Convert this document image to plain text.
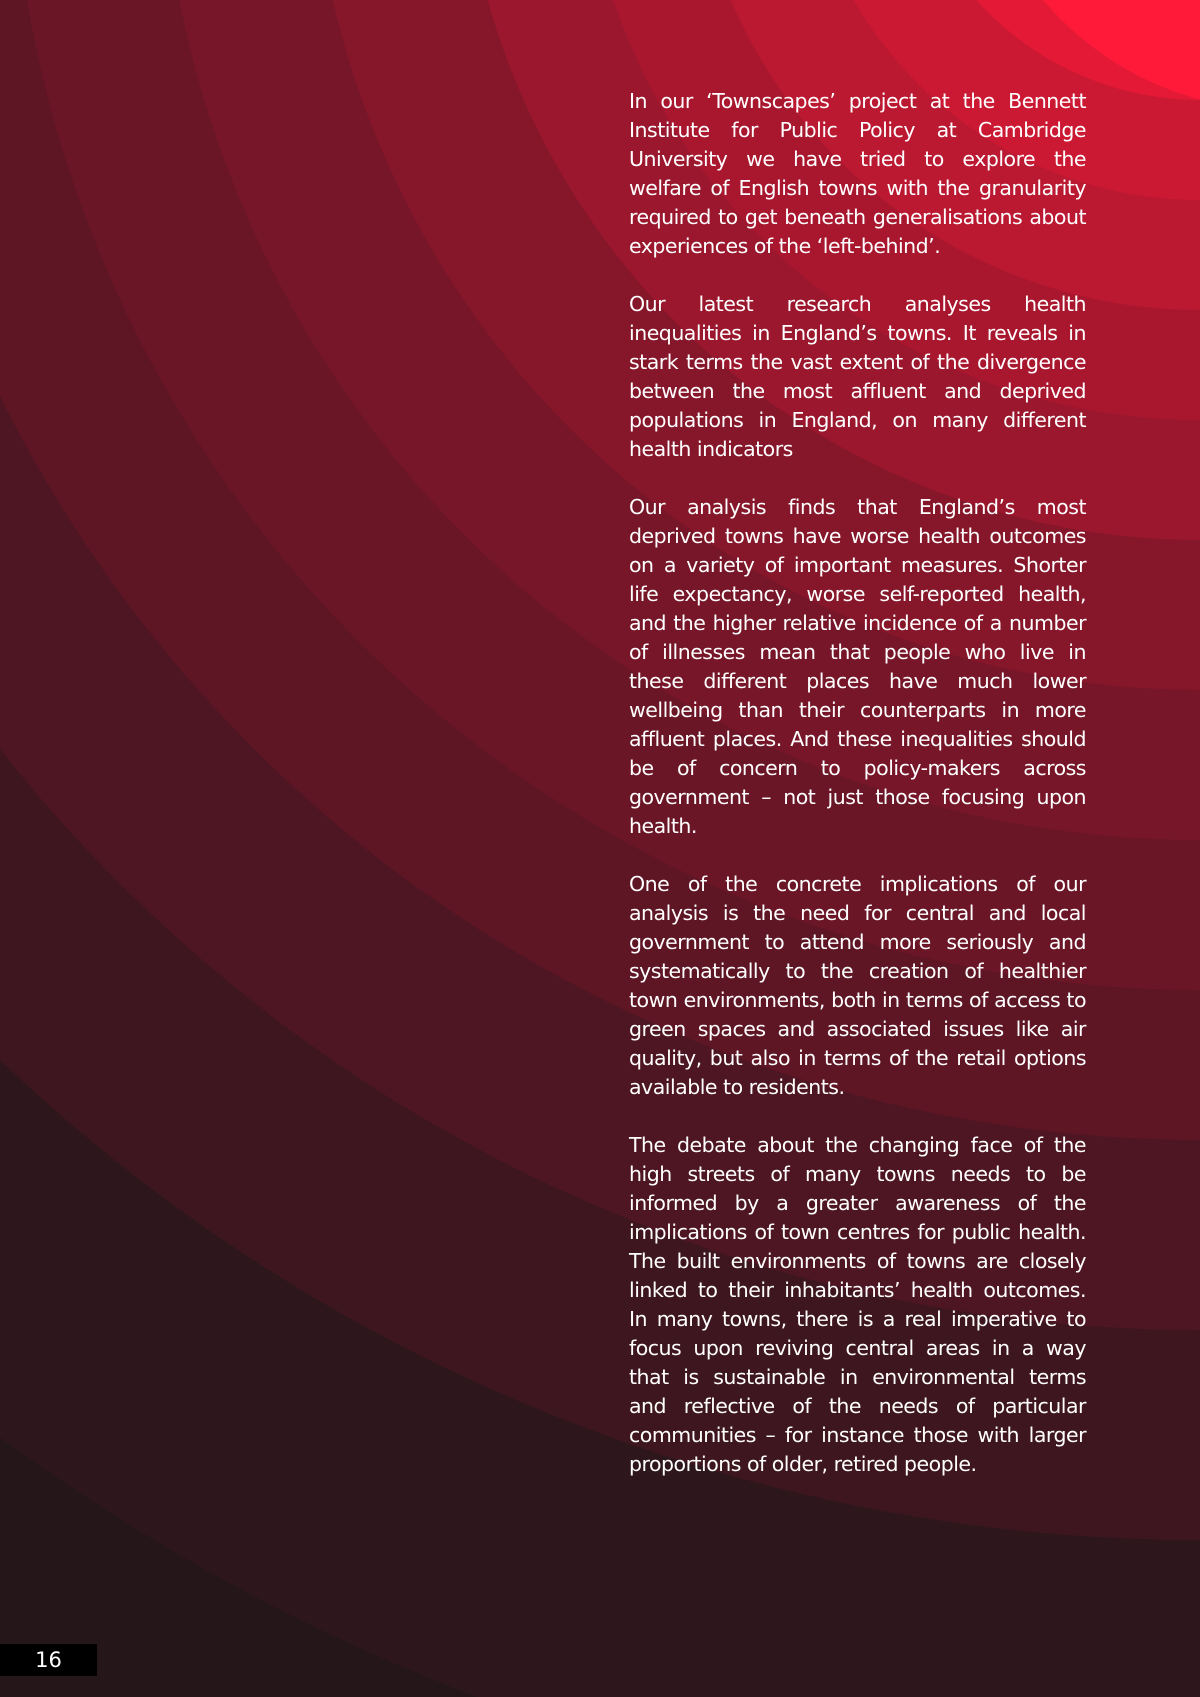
In our ‘Townscapes’ project at the Bennett Institute for Public Policy at Cambridge University we have tried to explore the welfare of English towns with the granularity required to get beneath generalisations about experiences of the ‘left-behind’.

Our latest research analyses health inequalities in England’s towns. It reveals in stark terms the vast extent of the divergence between the most affluent and deprived populations in England, on many different health indicators

Our analysis finds that England’s most deprived towns have worse health outcomes on a variety of important measures. Shorter life expectancy, worse self-reported health, and the higher relative incidence of a number of illnesses mean that people who live in these different places have much lower wellbeing than their counterparts in more affluent places. And these inequalities should be of concern to policy-makers across government – not just those focusing upon health.

One of the concrete implications of our analysis is the need for central and local government to attend more seriously and systematically to the creation of healthier town environments, both in terms of access to green spaces and associated issues like air quality, but also in terms of the retail options available to residents.

The debate about the changing face of the high streets of many towns needs to be informed by a greater awareness of the implications of town centres for public health. The built environments of towns are closely linked to their inhabitants’ health outcomes. In many towns, there is a real imperative to focus upon reviving central areas in a way that is sustainable in environmental terms and reflective of the needs of particular communities – for instance those with larger proportions of older, retired people.

16
